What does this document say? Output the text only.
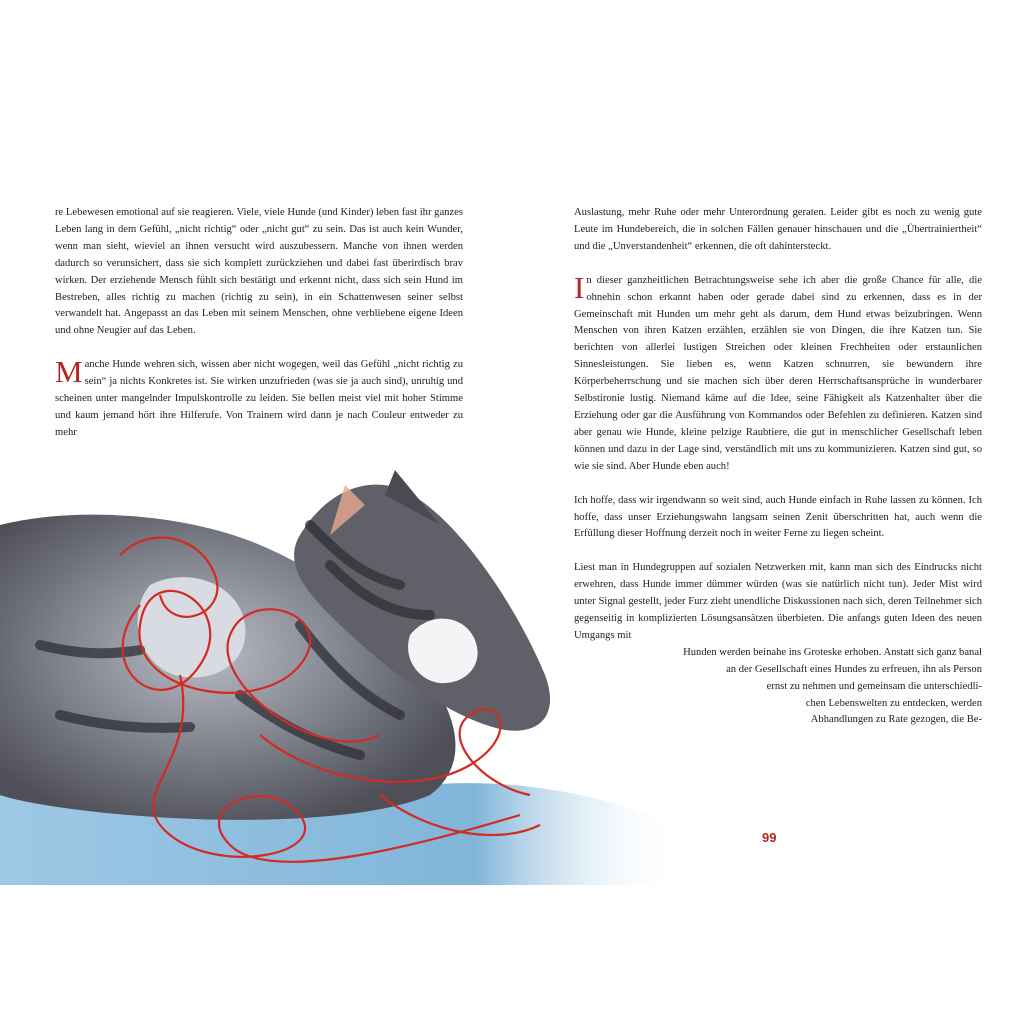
re Lebewesen emotional auf sie reagieren. Viele, viele Hunde (und Kinder) leben fast ihr ganzes Leben lang in dem Gefühl, „nicht richtig“ oder „nicht gut“ zu sein. Das ist auch kein Wunder, wenn man sieht, wieviel an ihnen versucht wird auszubessern. Manche von ihnen werden dadurch so verunsichert, dass sie sich komplett zurückziehen und dabei fast überirdisch brav wirken. Der erziehende Mensch fühlt sich bestätigt und erkennt nicht, dass sich sein Hund im Bestreben, alles richtig zu machen (richtig zu sein), in ein Schattenwesen seiner selbst verwandelt hat. Angepasst an das Leben mit seinem Menschen, ohne verbliebene eigene Ideen und ohne Neugier auf das Leben.

Manche Hunde wehren sich, wissen aber nicht wogegen, weil das Gefühl „nicht richtig zu sein“ ja nichts Konkretes ist. Sie wirken unzufrieden (was sie ja auch sind), unruhig und scheinen unter mangelnder Impulskontrolle zu leiden. Sie bellen meist viel mit hoher Stimme und kaum jemand hört ihre Hilferufe. Von Trainern wird dann je nach Couleur entweder zu mehr

Auslastung, mehr Ruhe oder mehr Unterordnung geraten. Leider gibt es noch zu wenig gute Leute im Hundebereich, die in solchen Fällen genauer hinschauen und die „Übertrainiertheit“ und die „Unverstandenheit“ erkennen, die oft dahintersteckt.

In dieser ganzheitlichen Betrachtungsweise sehe ich aber die große Chance für alle, die ohnehin schon erkannt haben oder gerade dabei sind zu erkennen, dass es in der Gemeinschaft mit Hunden um mehr geht als darum, dem Hund etwas beizubringen. Wenn Menschen von ihren Katzen erzählen, erzählen sie von Dingen, die ihre Katzen tun. Sie berichten von allerlei lustigen Streichen oder kleinen Frechheiten oder erstaunlichen Sinnesleistungen. Sie lieben es, wenn Katzen schnurren, sie bewundern ihre Körperbeherrschung und sie machen sich über deren Herrschaftsansprüche in wunderbarer Selbstironie lustig. Niemand käme auf die Idee, seine Fähigkeit als Katzenhalter über die Erziehung oder gar die Ausführung von Kommandos oder Befehlen zu definieren. Katzen sind aber genau wie Hunde, kleine pelzige Raubtiere, die gut in menschlicher Gesellschaft leben können und dazu in der Lage sind, verständlich mit uns zu kommunizieren. Katzen sind gut, so wie sie sind. Aber Hunde eben auch!

Ich hoffe, dass wir irgendwann so weit sind, auch Hunde einfach in Ruhe lassen zu können. Ich hoffe, dass unser Erziehungswahn langsam seinen Zenit überschritten hat, auch wenn die Erfüllung dieser Hoffnung derzeit noch in weiter Ferne zu liegen scheint.

Liest man in Hundegruppen auf sozialen Netzwerken mit, kann man sich des Eindrucks nicht erwehren, dass Hunde immer dümmer würden (was sie natürlich nicht tun). Jeder Mist wird unter Signal gestellt, jeder Furz zieht unendliche Diskussionen nach sich, deren Teilnehmer sich gegenseitig in komplizierten Lösungsansätzen überbieten. Die anfangs guten Ideen des neuen Umgangs mit

Hunden werden beinahe ins Groteske erhoben. Anstatt sich ganz banal
an der Gesellschaft eines Hundes zu erfreuen, ihn als Person
ernst zu nehmen und gemeinsam die unterschiedli-
chen Lebenswelten zu entdecken, werden
Abhandlungen zu Rate gezogen, die Be-
99
